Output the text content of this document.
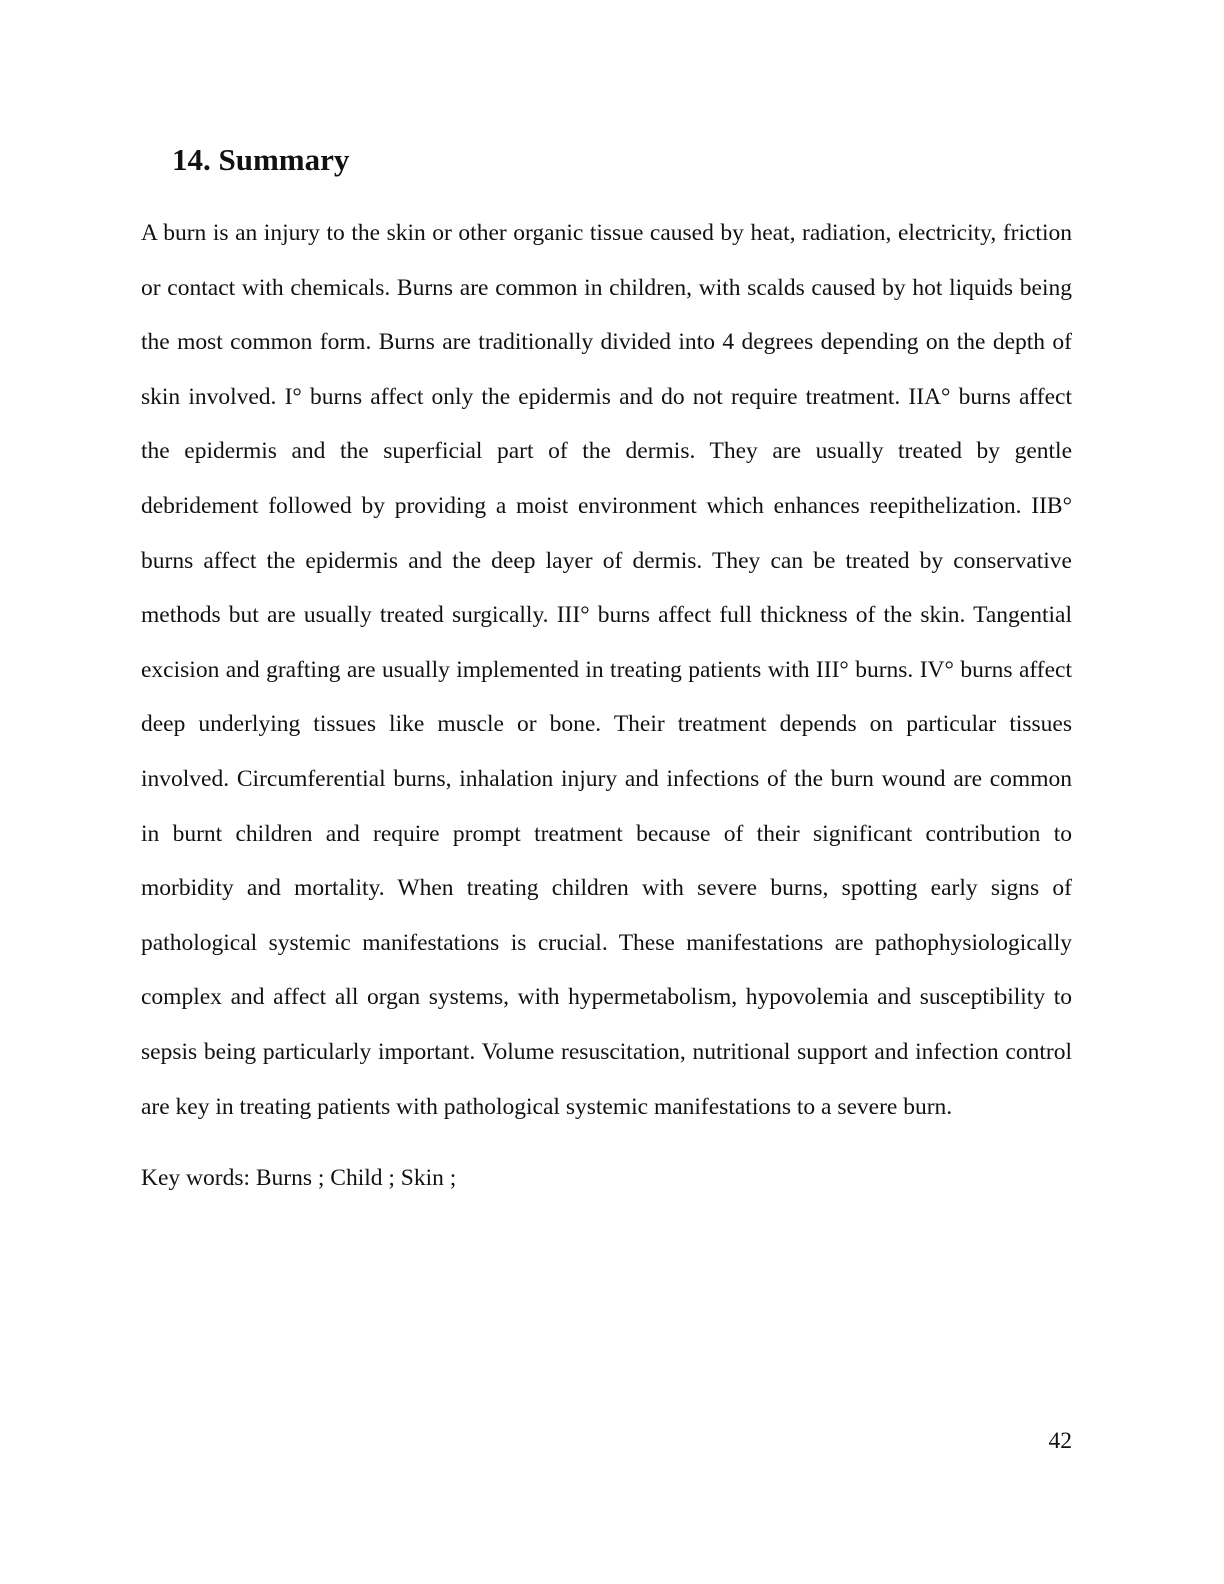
14. Summary

A burn is an injury to the skin or other organic tissue caused by heat, radiation, electricity, friction or contact with chemicals. Burns are common in children, with scalds caused by hot liquids being the most common form. Burns are traditionally divided into 4 degrees depending on the depth of skin involved. I° burns affect only the epidermis and do not require treatment. IIA° burns affect the epidermis and the superficial part of the dermis. They are usually treated by gentle debridement followed by providing a moist environment which enhances reepithelization. IIB° burns affect the epidermis and the deep layer of dermis. They can be treated by conservative methods but are usually treated surgically. III° burns affect full thickness of the skin. Tangential excision and grafting are usually implemented in treating patients with III° burns. IV° burns affect deep underlying tissues like muscle or bone. Their treatment depends on particular tissues involved. Circumferential burns, inhalation injury and infections of the burn wound are common in burnt children and require prompt treatment because of their significant contribution to morbidity and mortality. When treating children with severe burns, spotting early signs of pathological systemic manifestations is crucial. These manifestations are pathophysiologically complex and affect all organ systems, with hypermetabolism, hypovolemia and susceptibility to sepsis being particularly important. Volume resuscitation, nutritional support and infection control are key in treating patients with pathological systemic manifestations to a severe burn.

Key words: Burns ; Child ; Skin ;

42
